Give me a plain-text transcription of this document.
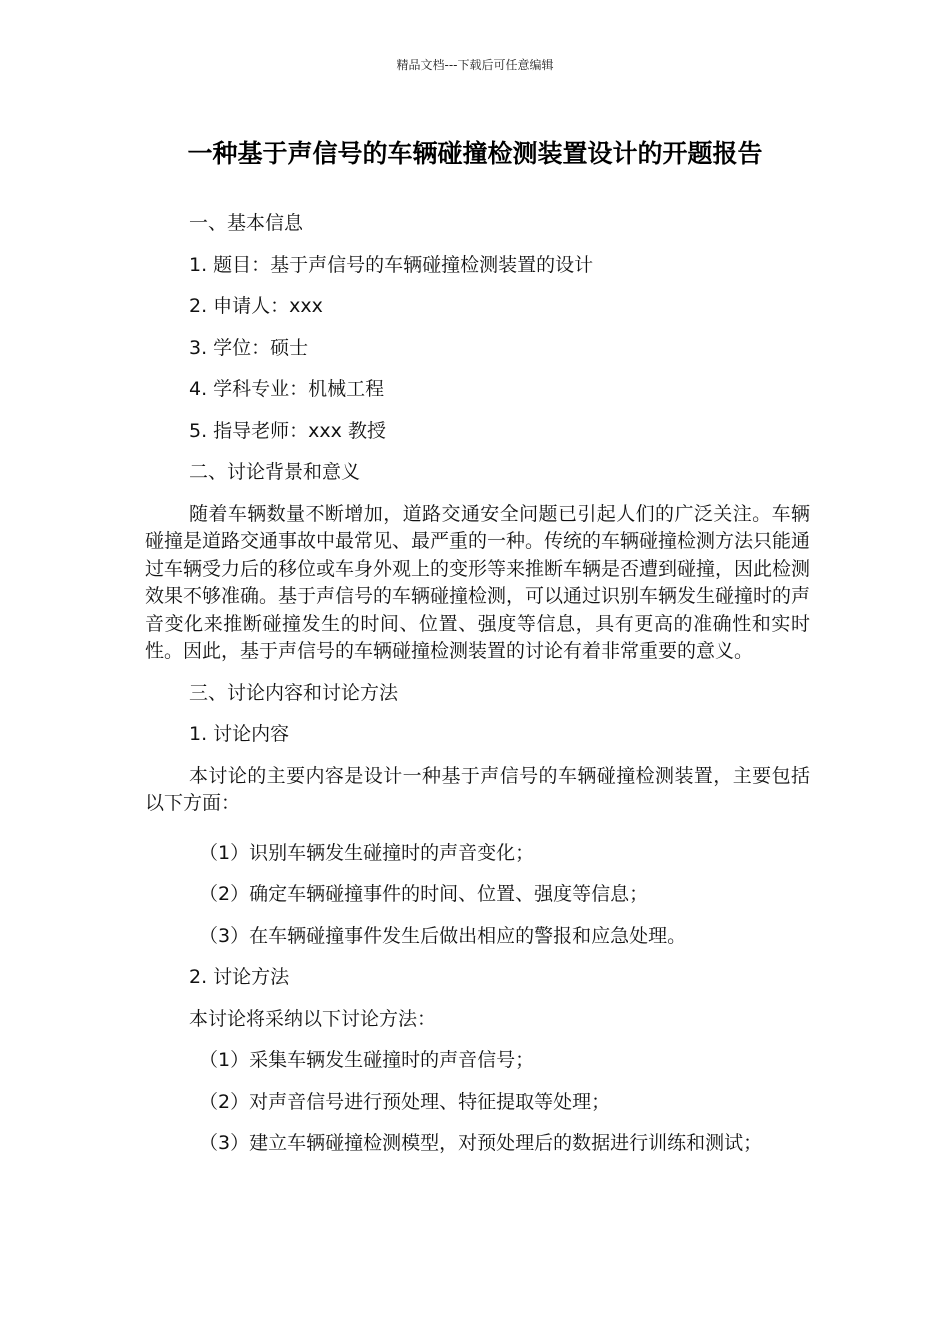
精品文档---下载后可任意编辑
一种基于声信号的车辆碰撞检测装置设计的开题报告

一、基本信息

1. 题目：基于声信号的车辆碰撞检测装置的设计

2. 申请人：xxx

3. 学位：硕士

4. 学科专业：机械工程

5. 指导老师：xxx 教授

二、讨论背景和意义

随着车辆数量不断增加，道路交通安全问题已引起人们的广泛关注。车辆碰撞是道路交通事故中最常见、最严重的一种。传统的车辆碰撞检测方法只能通过车辆受力后的移位或车身外观上的变形等来推断车辆是否遭到碰撞，因此检测效果不够准确。基于声信号的车辆碰撞检测，可以通过识别车辆发生碰撞时的声音变化来推断碰撞发生的时间、位置、强度等信息，具有更高的准确性和实时性。因此，基于声信号的车辆碰撞检测装置的讨论有着非常重要的意义。

三、讨论内容和讨论方法

1. 讨论内容

本讨论的主要内容是设计一种基于声信号的车辆碰撞检测装置，主要包括以下方面：

（1）识别车辆发生碰撞时的声音变化；

（2）确定车辆碰撞事件的时间、位置、强度等信息；

（3）在车辆碰撞事件发生后做出相应的警报和应急处理。

2. 讨论方法

本讨论将采纳以下讨论方法：

（1）采集车辆发生碰撞时的声音信号；

（2）对声音信号进行预处理、特征提取等处理；

（3）建立车辆碰撞检测模型，对预处理后的数据进行训练和测试；
